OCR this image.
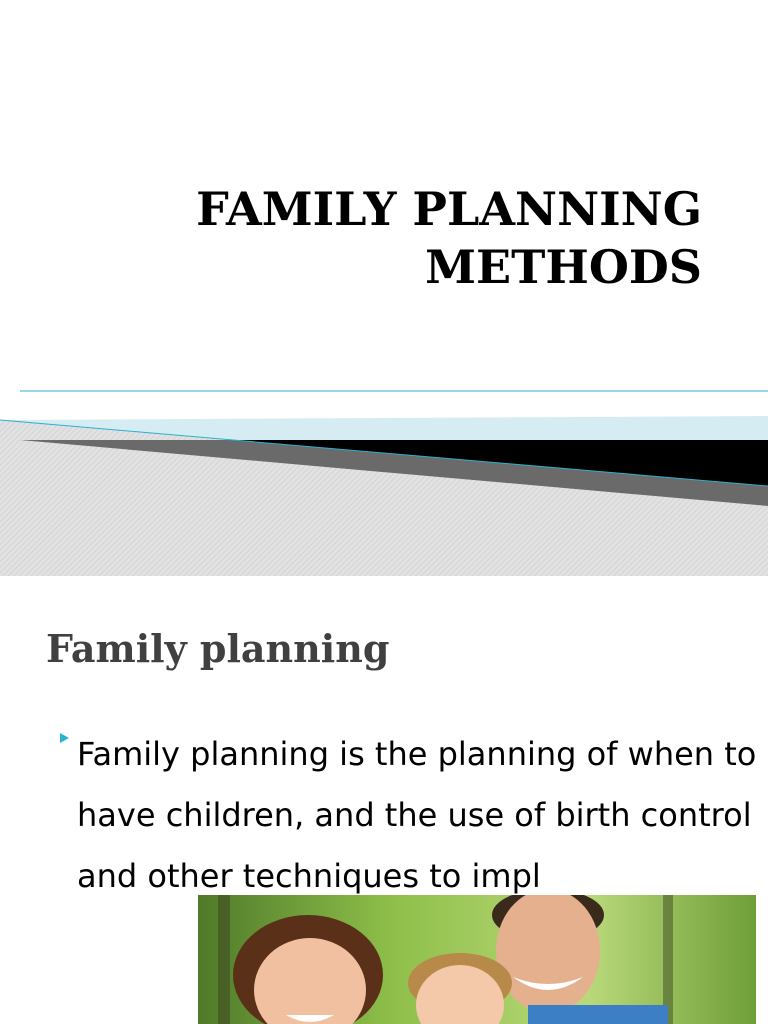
FAMILY PLANNING
METHODS
Family planning

Family planning is the planning of when to have children, and the use of birth control and other techniques to impl
